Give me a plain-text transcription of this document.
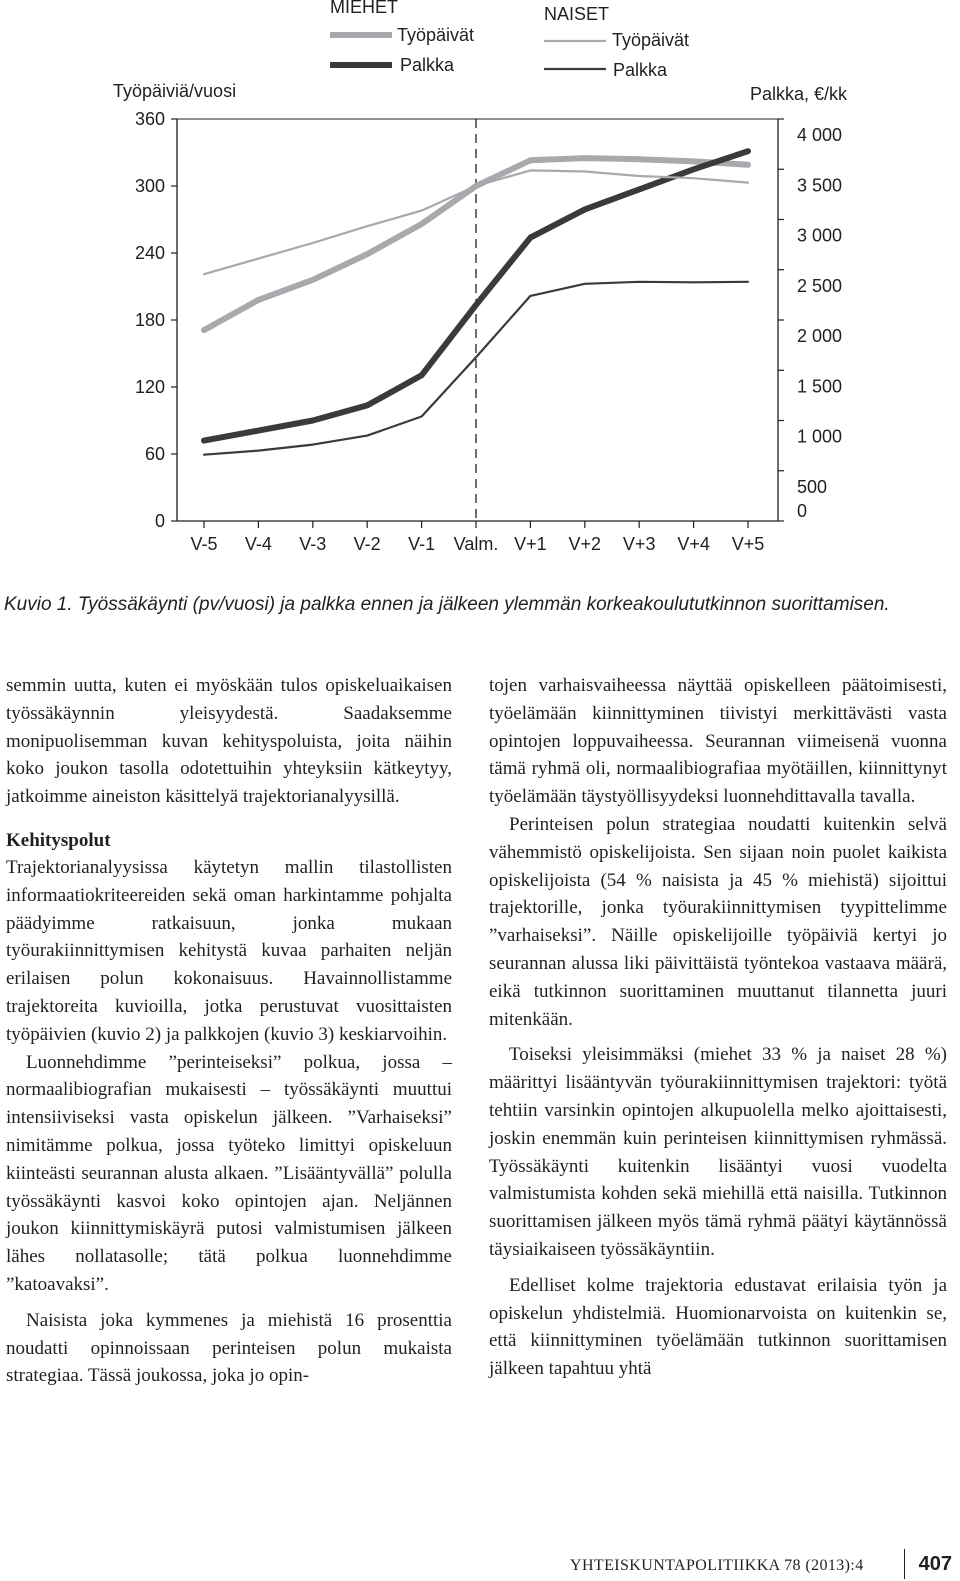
MIEHET
Työpäivät
Palkka
NAISET
Työpäivät
Palkka
Työpäiviä/vuosi	Palkka, €/kk
0
60
120
180
240
300
360
0
500
1 000
1 500
2 000
2 500
3 000
3 500
4 000
V-5 V-4 V-3 V-2 V-1 Valm. V+1 V+2 V+3 V+4 V+5
Kuvio 1. Työssäkäynti (pv/vuosi) ja palkka ennen ja jälkeen ylemmän korkeakoulututkinnon suorittamisen.

semmin uutta, kuten ei myöskään tulos opiskeluaikaisen työssäkäynnin yleisyydestä. Saadaksemme monipuolisemman kuvan kehityspoluista, joita näihin koko joukon tasolla odotettuihin yhteyksiin kätkeytyy, jatkoimme aineiston käsittelyä trajektorianalyysillä.

Kehityspolut

Trajektorianalyysissa käytetyn mallin tilastollisten informaatiokriteereiden sekä oman harkintamme pohjalta päädyimme ratkaisuun, jonka mukaan työurakiinnittymisen kehitystä kuvaa parhaiten neljän erilaisen polun kokonaisuus. Havainnollistamme trajektoreita kuvioilla, jotka perustuvat vuosittaisten työpäivien (kuvio 2) ja palkkojen (kuvio 3) keskiarvoihin.

Luonnehdimme ”perinteiseksi” polkua, jossa – normaalibiografian mukaisesti – työssäkäynti muuttui intensiiviseksi vasta opiskelun jälkeen. ”Varhaiseksi” nimitämme polkua, jossa työteko limittyi opiskeluun kiinteästi seurannan alusta alkaen. ”Lisääntyvällä” polulla työssäkäynti kasvoi koko opintojen ajan. Neljännen joukon kiinnittymiskäyrä putosi valmistumisen jälkeen lähes nollatasolle; tätä polkua luonnehdimme ”katoavaksi”.

Naisista joka kymmenes ja miehistä 16 prosenttia noudatti opinnoissaan perinteisen polun mukaista strategiaa. Tässä joukossa, joka jo opin-

tojen varhaisvaiheessa näyttää opiskelleen päätoimisesti, työelämään kiinnittyminen tiivistyi merkittävästi vasta opintojen loppuvaiheessa. Seurannan viimeisenä vuonna tämä ryhmä oli, normaalibiografiaa myötäillen, kiinnittynyt työelämään täystyöllisyydeksi luonnehdittavalla tavalla.

Perinteisen polun strategiaa noudatti kuitenkin selvä vähemmistö opiskelijoista. Sen sijaan noin puolet kaikista opiskelijoista (54 % naisista ja 45 % miehistä) sijoittui trajektorille, jonka työurakiinnittymisen tyypittelimme ”varhaiseksi”. Näille opiskelijoille työpäiviä kertyi jo seurannan alussa liki päivittäistä työntekoa vastaava määrä, eikä tutkinnon suorittaminen muuttanut tilannetta juuri mitenkään.

Toiseksi yleisimmäksi (miehet 33 % ja naiset 28 %) määrittyi lisääntyvän työurakiinnittymisen trajektori: työtä tehtiin varsinkin opintojen alkupuolella melko ajoittaisesti, joskin enemmän kuin perinteisen kiinnittymisen ryhmässä. Työssäkäynti kuitenkin lisääntyi vuosi vuodelta valmistumista kohden sekä miehillä että naisilla. Tutkinnon suorittamisen jälkeen myös tämä ryhmä päätyi käytännössä täysiaikaiseen työssäkäyntiin.

Edelliset kolme trajektoria edustavat erilaisia työn ja opiskelun yhdistelmiä. Huomionarvoista on kuitenkin se, että kiinnittyminen työelämään tutkinnon suorittamisen jälkeen tapahtuu yhtä

YHTEISKUNTAPOLITIIKKA 78 (2013):4	407
